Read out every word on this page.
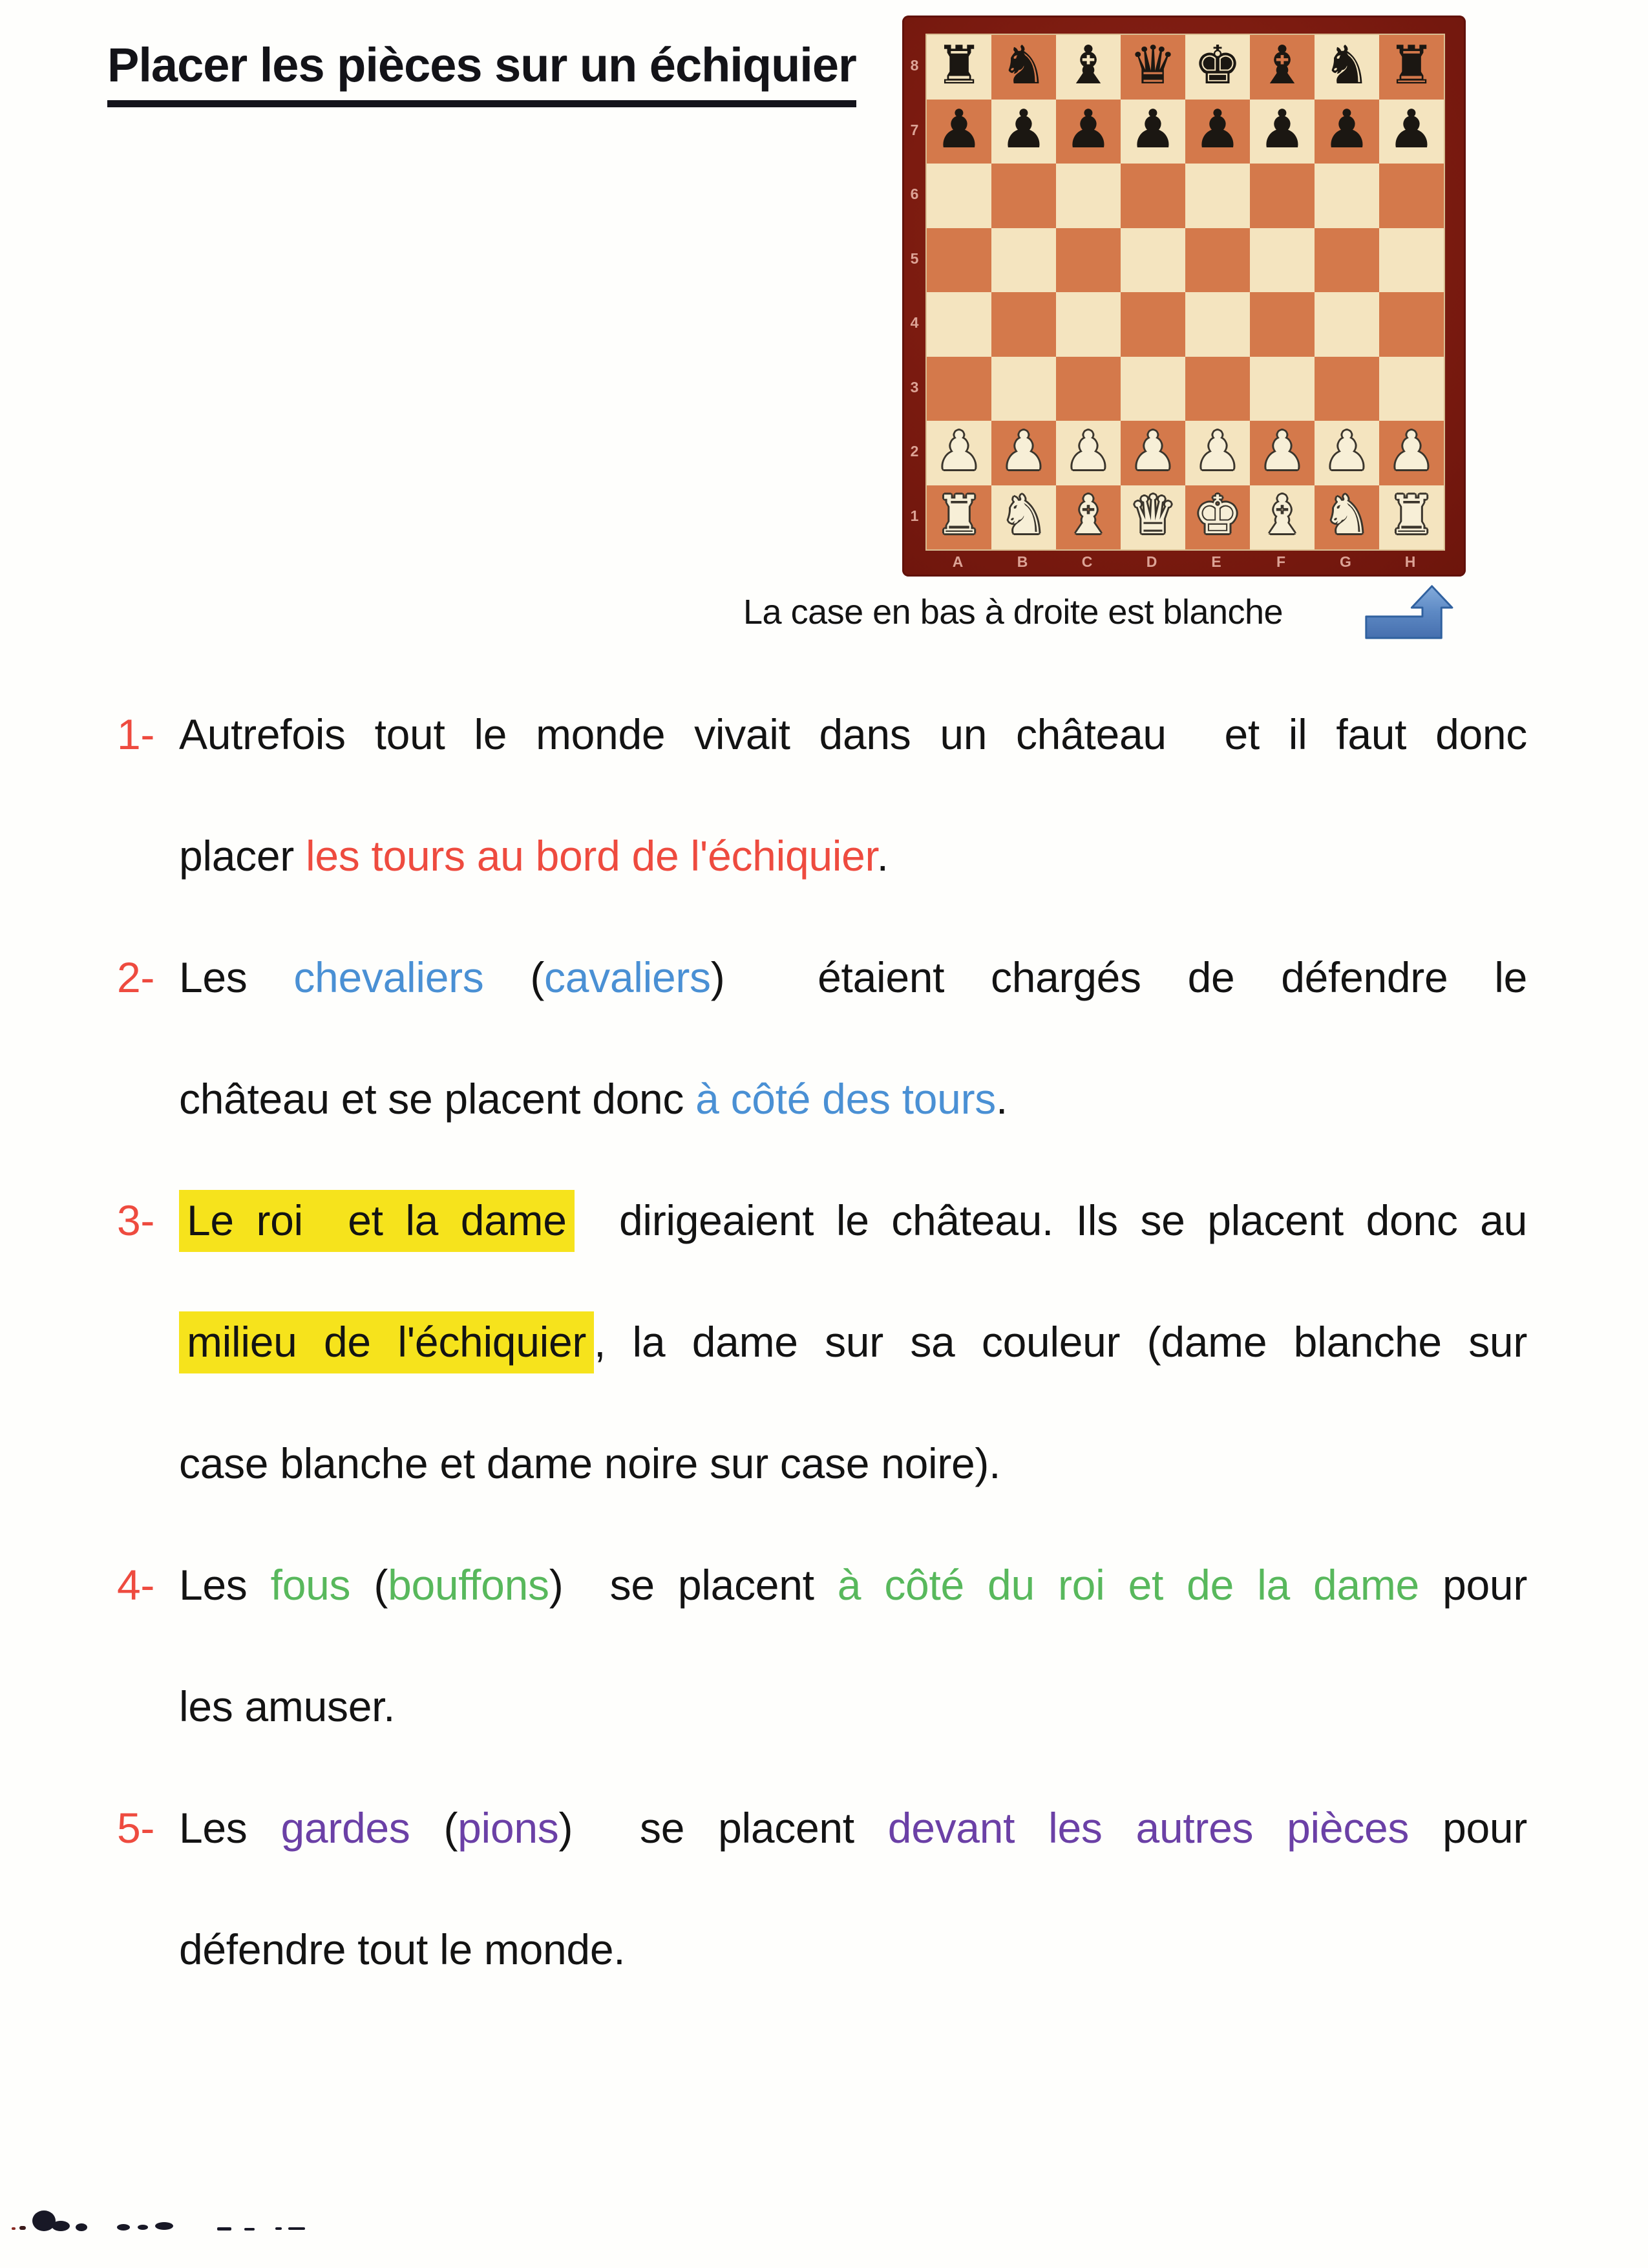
Placer les pièces sur un échiquier ♜ ♞ ♝ ♛ ♚ ♝ ♞ ♜
♟ ♟ ♟ ♟ ♟ ♟ ♟ ♟
♟ ♟ ♟ ♟ ♟ ♟ ♟ ♟
♜ ♞ ♝ ♛ ♚ ♝ ♞ ♜
8
7
6
5
4
3
2
1
A	B	C	D	E	F	G	H
La case en bas à droite est blanche
1- Autrefois tout le monde vivait dans un château  et il faut donc
placer les tours au bord de l'échiquier.
2- Les chevaliers (cavaliers)  étaient chargés de défendre le
château et se placent donc à côté des tours.
3- Le roi  et la dame  dirigeaient le château. Ils se placent donc au
milieu de l'échiquier , la dame sur sa couleur (dame blanche sur
case blanche et dame noire sur case noire).
4- Les fous (bouffons)  se placent à côté du roi et de la dame pour
les amuser.
5- Les gardes (pions)  se placent devant les autres pièces pour
défendre tout le monde.
